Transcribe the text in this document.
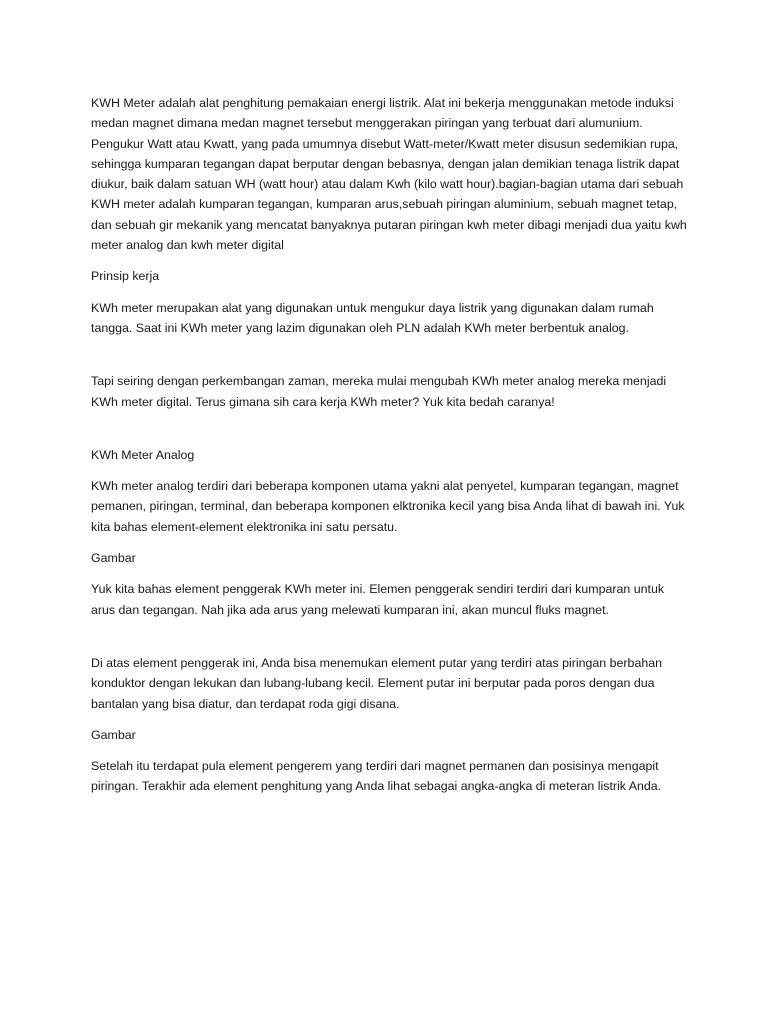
KWH Meter adalah alat penghitung pemakaian energi listrik. Alat ini bekerja menggunakan metode induksi medan magnet dimana medan magnet tersebut menggerakan piringan yang terbuat dari alumunium. Pengukur Watt atau Kwatt, yang pada umumnya disebut Watt-meter/Kwatt meter disusun sedemikian rupa, sehingga kumparan tegangan dapat berputar dengan bebasnya, dengan jalan demikian tenaga listrik dapat diukur, baik dalam satuan WH (watt hour) atau dalam Kwh (kilo watt hour).bagian-bagian utama dari sebuah KWH meter adalah kumparan tegangan, kumparan arus,sebuah piringan aluminium, sebuah magnet tetap, dan sebuah gir mekanik yang mencatat banyaknya putaran piringan kwh meter dibagi menjadi dua yaitu kwh meter analog dan kwh meter digital

Prinsip kerja

KWh meter merupakan alat yang digunakan untuk mengukur daya listrik yang digunakan dalam rumah tangga. Saat ini KWh meter yang lazim digunakan oleh PLN adalah KWh meter berbentuk analog.

Tapi seiring dengan perkembangan zaman, mereka mulai mengubah KWh meter analog mereka menjadi KWh meter digital. Terus gimana sih cara kerja KWh meter? Yuk kita bedah caranya!

KWh Meter Analog

KWh meter analog terdiri dari beberapa komponen utama yakni alat penyetel, kumparan tegangan, magnet pemanen, piringan, terminal, dan beberapa komponen elktronika kecil yang bisa Anda lihat di bawah ini. Yuk kita bahas element-element elektronika ini satu persatu.

Gambar

Yuk kita bahas element penggerak KWh meter ini. Elemen penggerak sendiri terdiri dari kumparan untuk arus dan tegangan. Nah jika ada arus yang melewati kumparan ini, akan muncul fluks magnet.

Di atas element penggerak ini, Anda bisa menemukan element putar yang terdiri atas piringan berbahan konduktor dengan lekukan dan lubang-lubang kecil. Element putar ini berputar pada poros dengan dua bantalan yang bisa diatur, dan terdapat roda gigi disana.

Gambar

Setelah itu terdapat pula element pengerem yang terdiri dari magnet permanen dan posisinya mengapit piringan. Terakhir ada element penghitung yang Anda lihat sebagai angka-angka di meteran listrik Anda.
